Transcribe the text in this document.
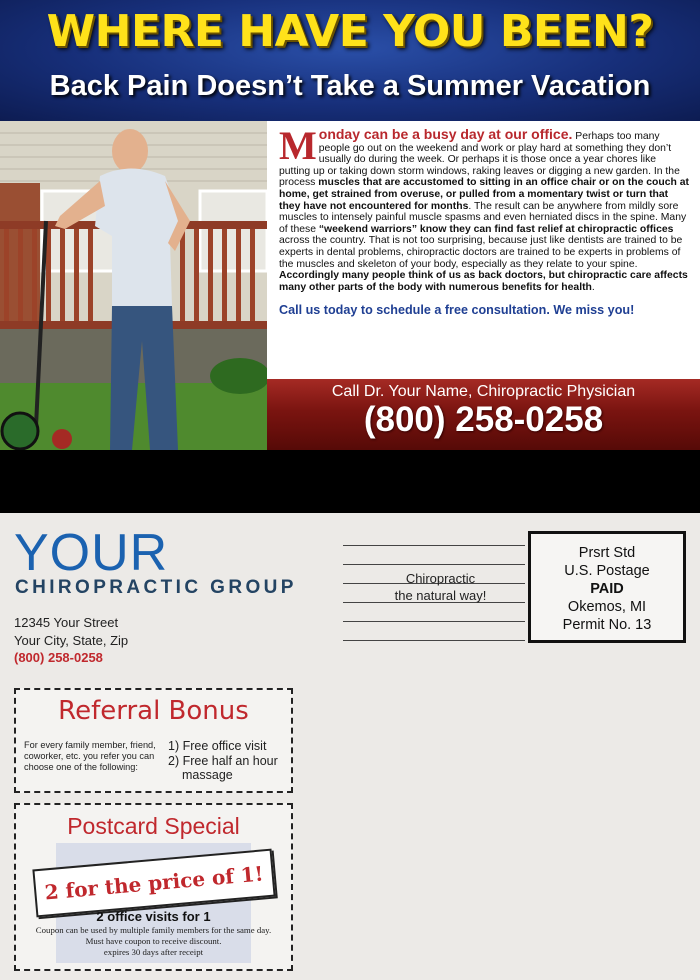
WHERE HAVE YOU BEEN?
Back Pain Doesn’t Take a Summer Vacation
Monday can be a busy day at our office. Perhaps too many people go out on the weekend and work or play hard at something they don’t usually do during the week. Or perhaps it is those once a year chores like putting up or taking down storm windows, raking leaves or digging a new garden. In the process muscles that are accustomed to sitting in an office chair or on the couch at home, get strained from overuse, or pulled from a momentary twist or turn that they have not encountered for months. The result can be anywhere from mildly sore muscles to intensely painful muscle spasms and even herniated discs in the spine. Many of these “weekend warriors” know they can find fast relief at chiropractic offices across the country. That is not too surprising, because just like dentists are trained to be experts in dental problems, chiropractic doctors are trained to be experts in problems of the muscles and skeleton of your body, especially as they relate to your spine. Accordingly many people think of us as back doctors, but chiropractic care affects many other parts of the body with numerous benefits for health.
Call us today to schedule a free consultation. We miss you!
Call Dr. Your Name, Chiropractic Physician
(800) 258-0258
YOUR
CHIROPRACTIC GROUP
12345 Your Street
Your City, State, Zip
(800) 258-0258
Chiropractic
the natural way!
Prsrt Std
U.S. Postage
PAID
Okemos, MI
Permit No. 13
Referral Bonus
For every family member, friend, coworker, etc. you refer you can choose one of the following:
1) Free office visit
2) Free half an hour massage
Postcard Special
2 for the price of 1!
2 office visits for 1
Coupon can be used by multiple family members for the same day.
Must have coupon to receive discount.
expires 30 days after receipt
